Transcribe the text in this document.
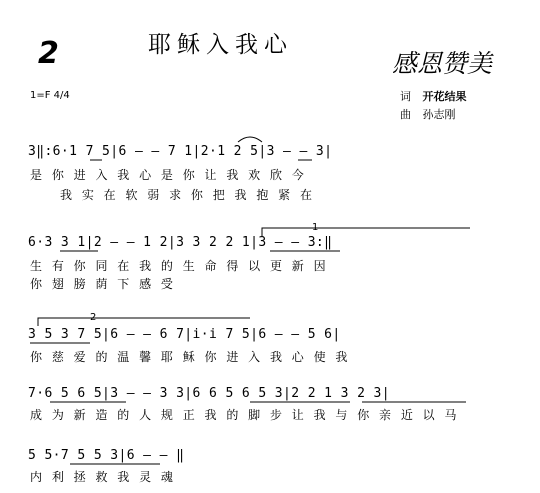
2	耶稣入我心
感恩赞美
1=F 4/4	词 开花结果
曲 孙志刚
3‖:6·1 7 5|6 — — 7 1|2·1 2 5|3 — — 3|
是 你 进 入 我 心 是 你 让 我 欢 欣 今
我 实 在 软 弱 求 你 把 我 抱 紧 在
6·3 3 1|2 — — 1 2|3 3 2 2 1|3 — — 3:‖
生 有 你 同 在 我 的 生 命 得 以 更 新 因
你 翅 膀 荫 下 感 受
1
3 5 3 7 5|6 — — 6 7|i·i 7 5|6 — — 5 6|
你 慈 爱 的 温 馨 耶 稣 你 进 入 我 心 使 我
2
7·6 5 6 5|3 — — 3 3|6 6 5 6 5 3|2 2 1 3 2 3|
成 为 新 造 的 人 规 正 我 的 脚 步 让 我 与 你 亲 近 以 马
5 5·7 5 5 3|6 — — ‖
内 利 拯 救 我 灵 魂
